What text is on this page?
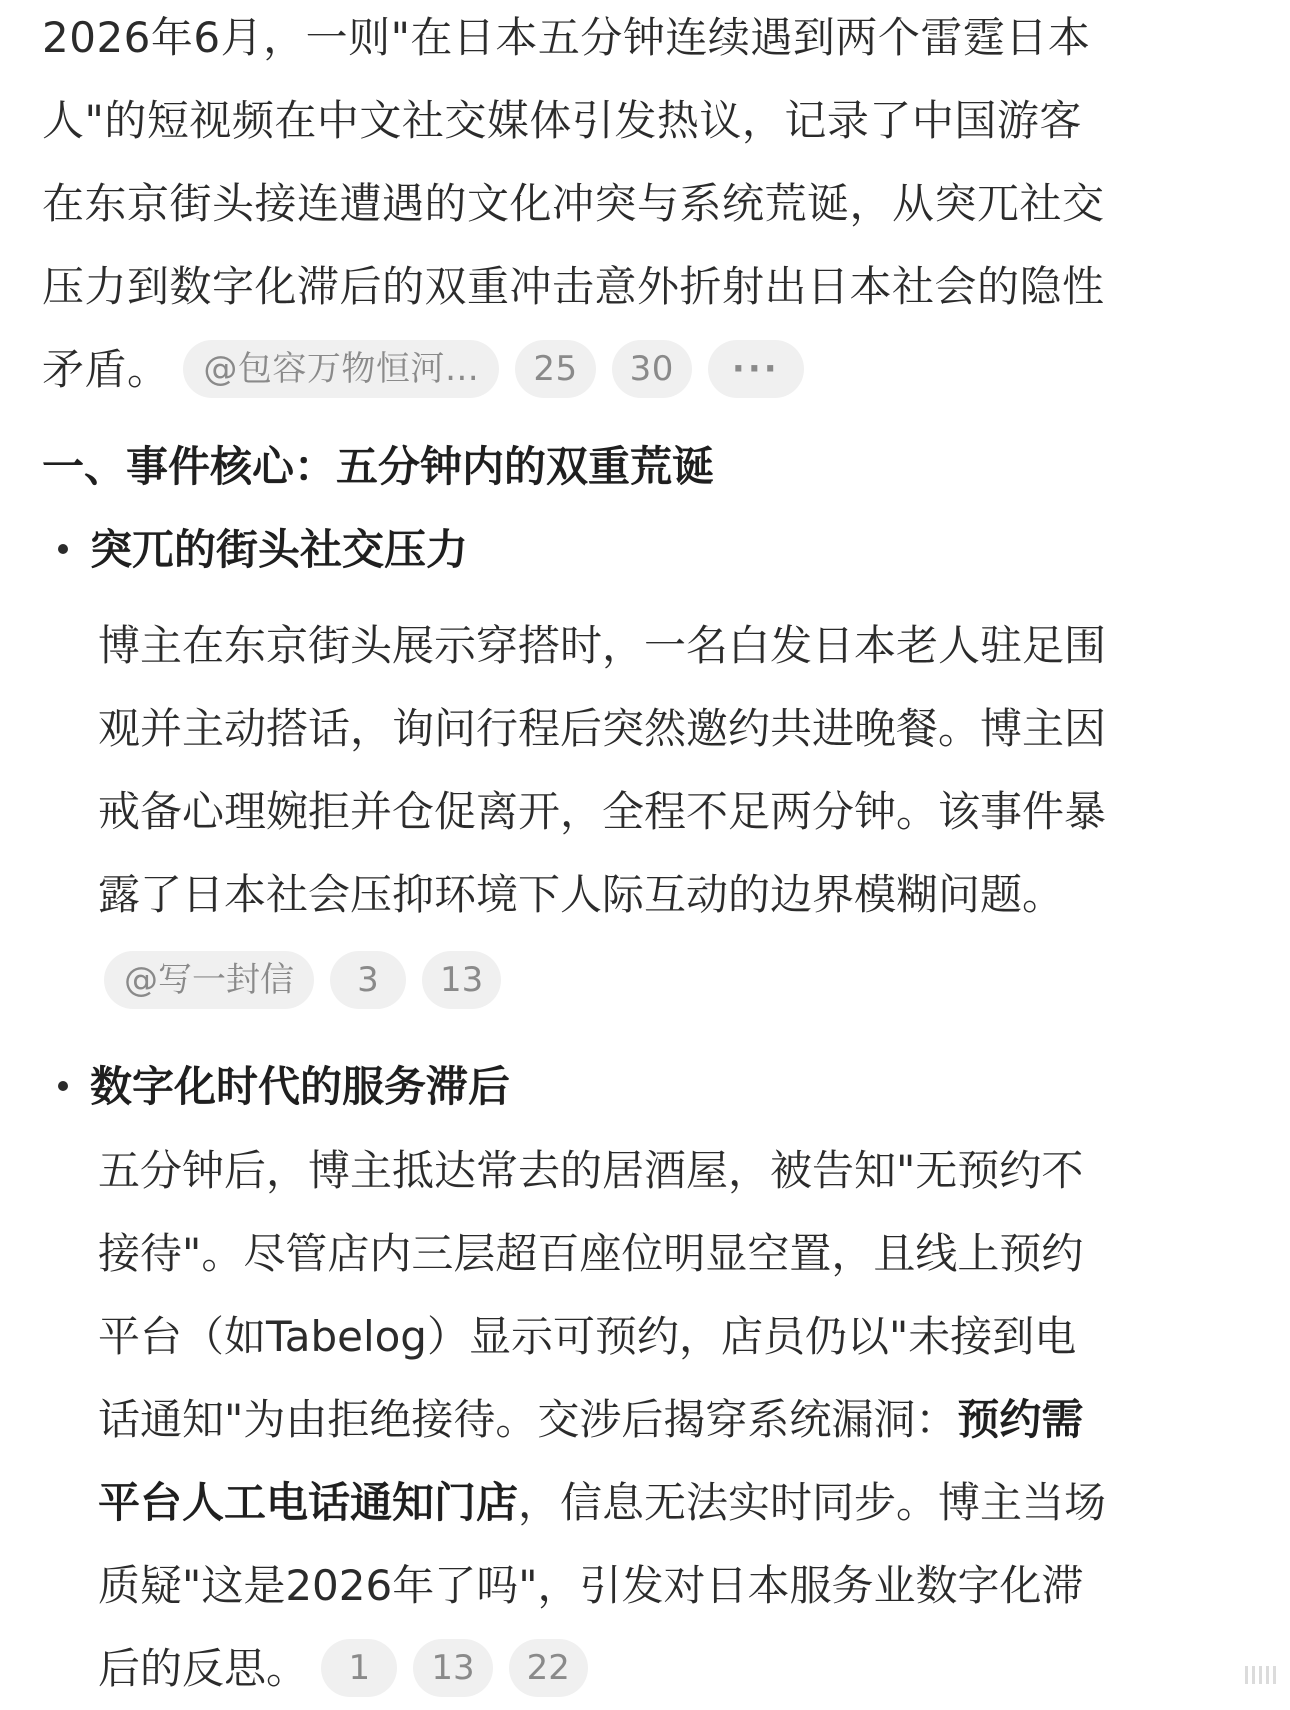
2026年6月，一则"在日本五分钟连续遇到两个雷霆日本
人"的短视频在中文社交媒体引发热议，记录了中国游客
在东京街头接连遭遇的文化冲突与系统荒诞，从突兀社交
压力到数字化滞后的双重冲击意外折射出日本社会的隐性
矛盾。 @包容万物恒河… 25 30 ···
一、事件核心：五分钟内的双重荒诞
突兀的街头社交压力
博主在东京街头展示穿搭时，一名白发日本老人驻足围
观并主动搭话，询问行程后突然邀约共进晚餐。博主因
戒备心理婉拒并仓促离开，全程不足两分钟。该事件暴
露了日本社会压抑环境下人际互动的边界模糊问题。
@写一封信 3 13
数字化时代的服务滞后
五分钟后，博主抵达常去的居酒屋，被告知"无预约不
接待"。尽管店内三层超百座位明显空置，且线上预约
平台（如Tabelog）显示可预约，店员仍以"未接到电
话通知"为由拒绝接待。交涉后揭穿系统漏洞：预约需
平台人工电话通知门店，信息无法实时同步。博主当场
质疑"这是2026年了吗"，引发对日本服务业数字化滞
后的反思。 1 13 22
